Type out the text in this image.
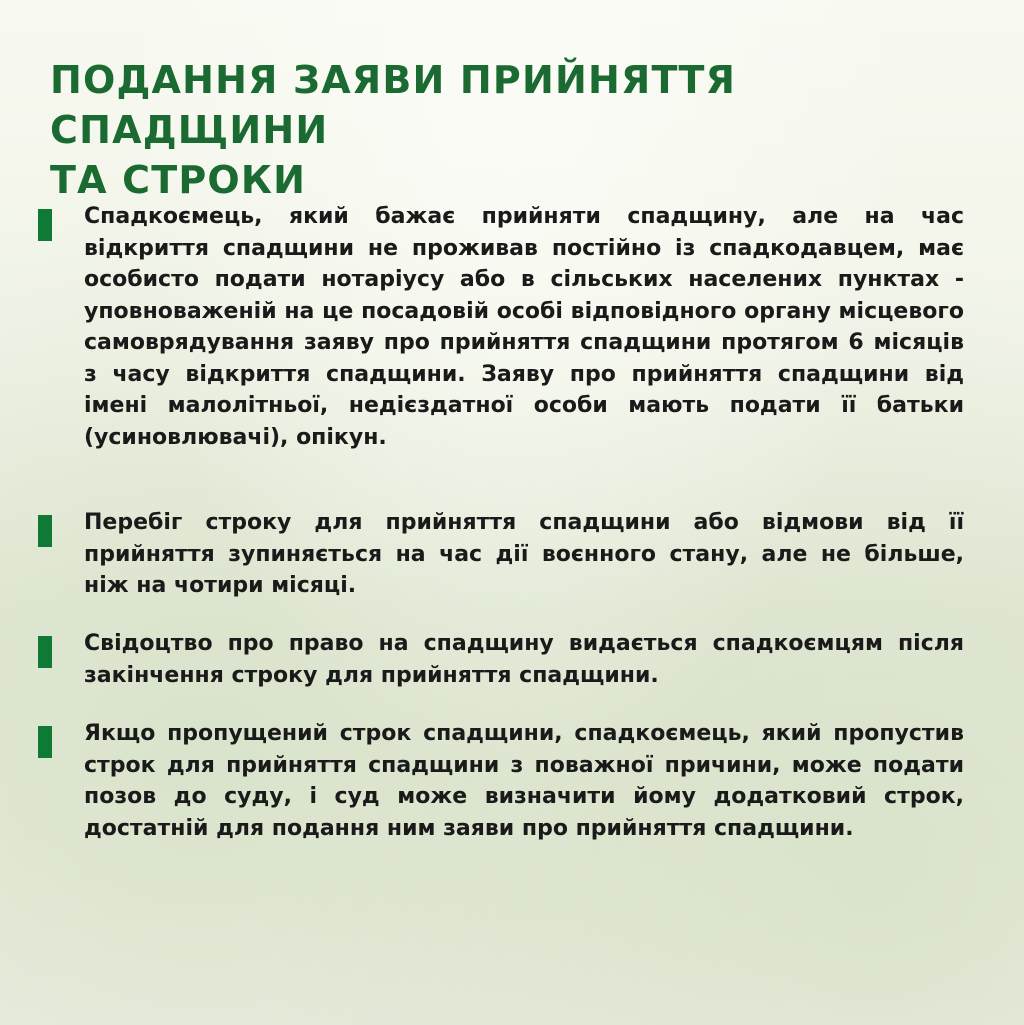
ПОДАННЯ ЗАЯВИ ПРИЙНЯТТЯ СПАДЩИНИ
ТА СТРОКИ

Спадкоємець, який бажає прийняти спадщину, але на час відкриття спадщини не проживав постійно із спадкодавцем, має особисто подати нотаріусу або в сільських населених пунктах - уповноваженій на це посадовій особі відповідного органу місцевого самоврядування заяву про прийняття спадщини протягом 6 місяців з часу відкриття спадщини. Заяву про прийняття спадщини від імені малолітньої, недієздатної особи мають подати її батьки (усиновлювачі), опікун.

Перебіг строку для прийняття спадщини або відмови від її прийняття зупиняється на час дії воєнного стану, але не більше, ніж на чотири місяці.

Свідоцтво про право на спадщину видається спадкоємцям після закінчення строку для прийняття спадщини.

Якщо пропущений строк спадщини, спадкоємець, який пропустив строк для прийняття спадщини з поважної причини, може подати позов до суду, і суд може визначити йому додатковий строк, достатній для подання ним заяви про прийняття спадщини.
